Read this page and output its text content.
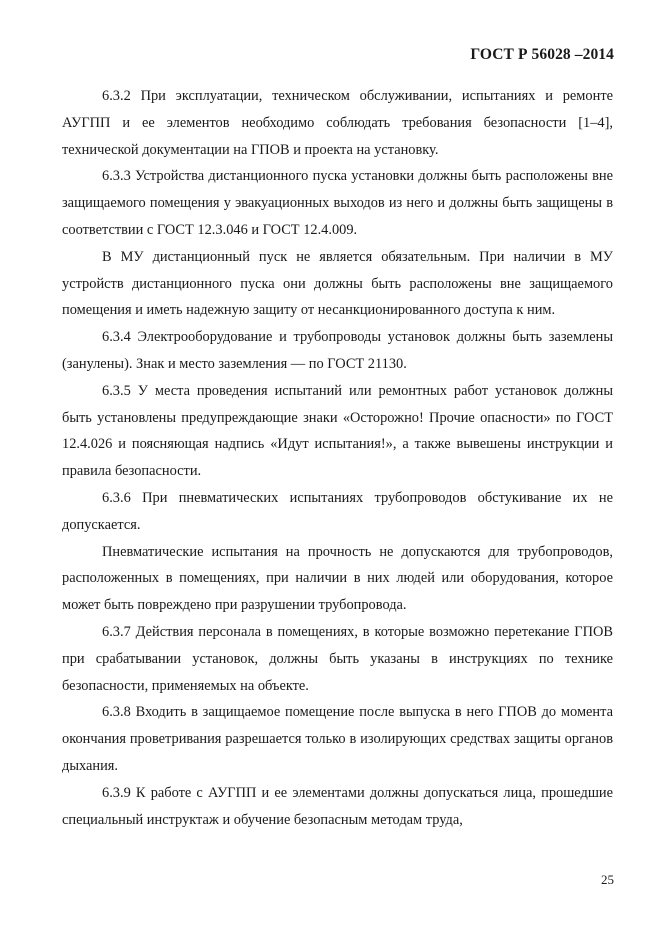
ГОСТ Р 56028 –2014

6.3.2 При эксплуатации, техническом обслуживании, испытаниях и ремонте АУГПП и ее элементов необходимо соблюдать требования безопасности [1–4], технической документации на ГПОВ и проекта на установку.

6.3.3 Устройства дистанционного пуска установки должны быть расположены вне защищаемого помещения у эвакуационных выходов из него и должны быть защищены в соответствии с ГОСТ 12.3.046 и ГОСТ 12.4.009.

В МУ дистанционный пуск не является обязательным. При наличии в МУ устройств дистанционного пуска они должны быть расположены вне защищаемого помещения и иметь надежную защиту от несанкционированного доступа к ним.

6.3.4 Электрооборудование и трубопроводы установок должны быть заземлены (занулены). Знак и место заземления — по ГОСТ 21130.

6.3.5 У места проведения испытаний или ремонтных работ установок должны быть установлены предупреждающие знаки «Осторожно! Прочие опасности» по ГОСТ 12.4.026 и поясняющая надпись «Идут испытания!», а также вывешены инструкции и правила безопасности.

6.3.6 При пневматических испытаниях трубопроводов обстукивание их не допускается.

Пневматические испытания на прочность не допускаются для трубопроводов, расположенных в помещениях, при наличии в них людей или оборудования, которое может быть повреждено при разрушении трубопровода.

6.3.7 Действия персонала в помещениях, в которые возможно перетекание ГПОВ при срабатывании установок, должны быть указаны в инструкциях по технике безопасности, применяемых на объекте.

6.3.8 Входить в защищаемое помещение после выпуска в него ГПОВ до момента окончания проветривания разрешается только в изолирующих средствах защиты органов дыхания.

6.3.9 К работе с АУГПП и ее элементами должны допускаться лица, прошедшие специальный инструктаж и обучение безопасным методам труда,

25
